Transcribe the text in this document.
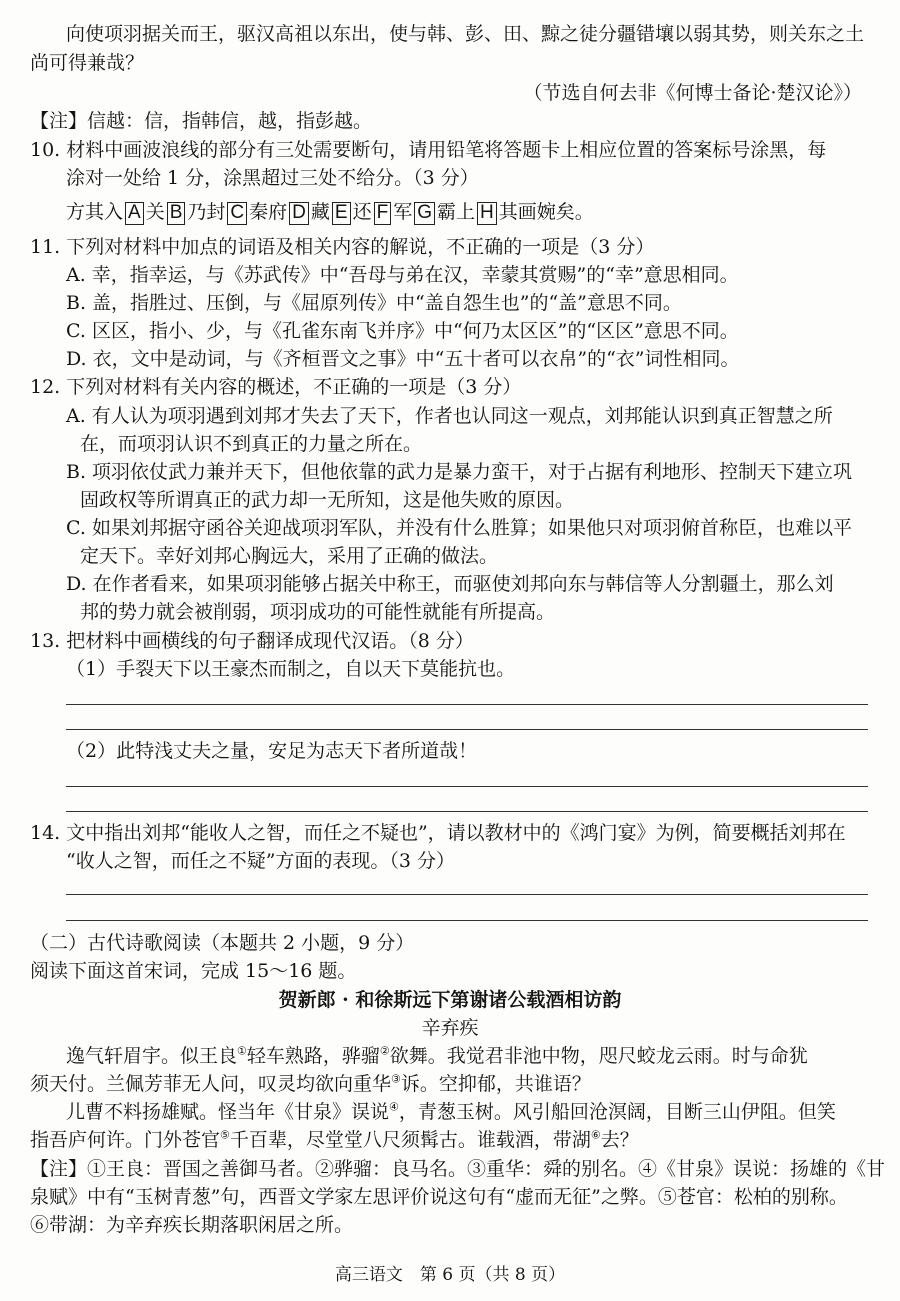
向使项羽据关而王，驱汉高祖以东出，使与韩、彭、田、黥之徒分疆错壤以弱其势，则关东之土
尚可得兼哉？
（节选自何去非《何博士备论·楚汉论》）
【注】信越：信，指韩信，越，指彭越。
10. 材料中画波浪线的部分有三处需要断句，请用铅笔将答题卡上相应位置的答案标号涂黑，每
涂对一处给 1 分，涂黑超过三处不给分。（3 分）
方其入 A 关 B 乃封 C 秦府 D 藏 E 还 F 军 G 霸上 H 其画婉矣。
11. 下列对材料中加点的词语及相关内容的解说，不正确的一项是（3 分）
A. 幸，指幸运，与《苏武传》中“吾母与弟在汉，幸蒙其赏赐”的“幸”意思相同。
B. 盖，指胜过、压倒，与《屈原列传》中“盖自怨生也”的“盖”意思不同。
C. 区区，指小、少，与《孔雀东南飞并序》中“何乃太区区”的“区区”意思不同。
D. 衣，文中是动词，与《齐桓晋文之事》中“五十者可以衣帛”的“衣”词性相同。
12. 下列对材料有关内容的概述，不正确的一项是（3 分）
A. 有人认为项羽遇到刘邦才失去了天下，作者也认同这一观点，刘邦能认识到真正智慧之所
在，而项羽认识不到真正的力量之所在。
B. 项羽依仗武力兼并天下，但他依靠的武力是暴力蛮干，对于占据有利地形、控制天下建立巩
固政权等所谓真正的武力却一无所知，这是他失败的原因。
C. 如果刘邦据守函谷关迎战项羽军队，并没有什么胜算；如果他只对项羽俯首称臣，也难以平
定天下。幸好刘邦心胸远大，采用了正确的做法。
D. 在作者看来，如果项羽能够占据关中称王，而驱使刘邦向东与韩信等人分割疆土，那么刘
邦的势力就会被削弱，项羽成功的可能性就能有所提高。
13. 把材料中画横线的句子翻译成现代汉语。（8 分）
（1）手裂天下以王豪杰而制之，自以天下莫能抗也。
（2）此特浅丈夫之量，安足为志天下者所道哉！
14. 文中指出刘邦“能收人之智，而任之不疑也”，请以教材中的《鸿门宴》为例，简要概括刘邦在
“收人之智，而任之不疑”方面的表现。（3 分）
（二）古代诗歌阅读（本题共 2 小题，9 分）
阅读下面这首宋词，完成 15～16 题。
贺新郎 · 和徐斯远下第谢诸公载酒相访韵
辛弃疾
逸气轩眉宇。似王良①轻车熟路，骅骝②欲舞。我觉君非池中物，咫尺蛟龙云雨。时与命犹
须天付。兰佩芳菲无人问，叹灵均欲向重华③诉。空抑郁，共谁语？
儿曹不料扬雄赋。怪当年《甘泉》误说④，青葱玉树。风引船回沧溟阔，目断三山伊阻。但笑
指吾庐何许。门外苍官⑤千百辈，尽堂堂八尺须髯古。谁载酒，带湖⑥去？
【注】①王良：晋国之善御马者。②骅骝：良马名。③重华：舜的别名。④《甘泉》误说：扬雄的《甘
泉赋》中有“玉树青葱”句，西晋文学家左思评价说这句有“虚而无征”之弊。⑤苍官：松柏的别称。
⑥带湖：为辛弃疾长期落职闲居之所。
高三语文　第 6 页（共 8 页）
